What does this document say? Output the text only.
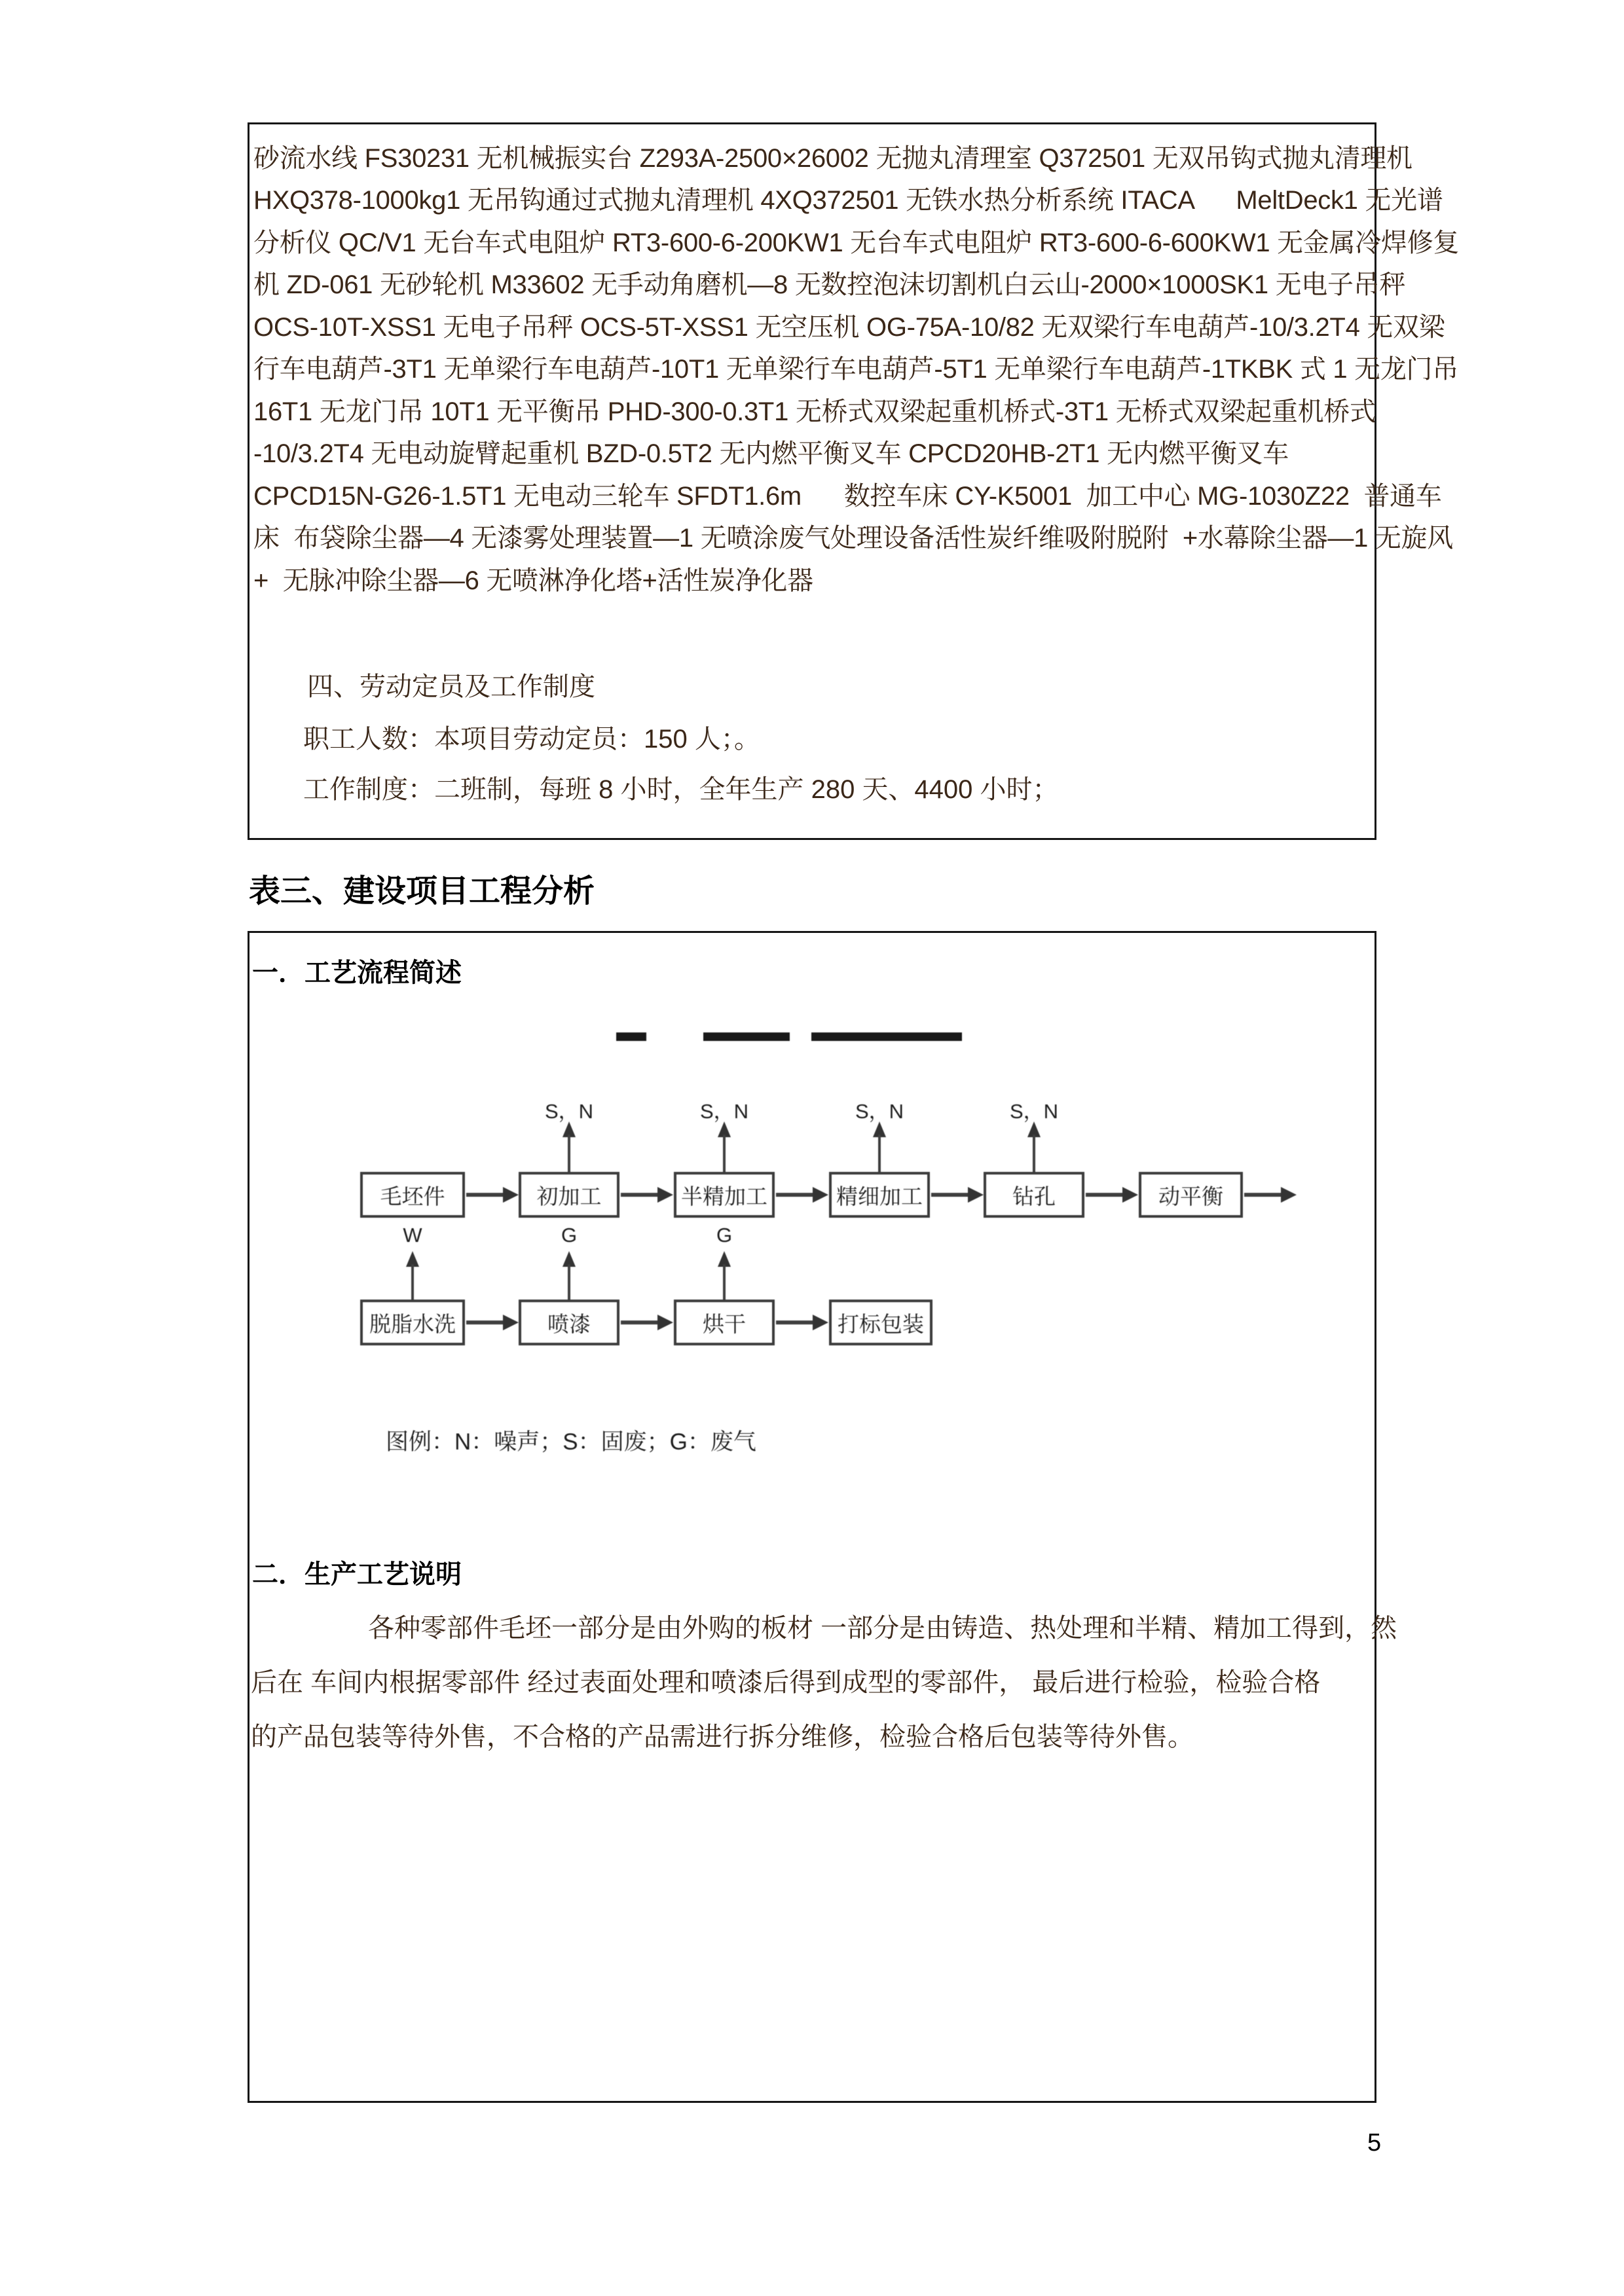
砂流水线 FS30231 无机械振实台 Z293A-2500×26002 无抛丸清理室 Q372501 无双吊钩式抛丸清理机
HXQ378-1000kg1 无吊钩通过式抛丸清理机 4XQ372501 无铁水热分析系统 ITACA      MeltDeck1 无光谱
分析仪 QC/V1 无台车式电阻炉 RT3-600-6-200KW1 无台车式电阻炉 RT3-600-6-600KW1 无金属冷焊修复
机 ZD-061 无砂轮机 M33602 无手动角磨机—8 无数控泡沫切割机白云山-2000×1000SK1 无电子吊秤
OCS-10T-XSS1 无电子吊秤 OCS-5T-XSS1 无空压机 OG-75A-10/82 无双梁行车电葫芦-10/3.2T4 无双梁
行车电葫芦-3T1 无单梁行车电葫芦-10T1 无单梁行车电葫芦-5T1 无单梁行车电葫芦-1TKBK 式 1 无龙门吊
16T1 无龙门吊 10T1 无平衡吊 PHD-300-0.3T1 无桥式双梁起重机桥式-3T1 无桥式双梁起重机桥式
-10/3.2T4 无电动旋臂起重机 BZD-0.5T2 无内燃平衡叉车 CPCD20HB-2T1 无内燃平衡叉车
CPCD15N-G26-1.5T1 无电动三轮车 SFDT1.6m      数控车床 CY-K5001  加工中心 MG-1030Z22  普通车
床  布袋除尘器—4 无漆雾处理装置—1 无喷涂废气处理设备活性炭纤维吸附脱附  +水幕除尘器—1 无旋风
+  无脉冲除尘器—6 无喷淋净化塔+活性炭净化器
四、劳动定员及工作制度
职工人数：本项目劳动定员：150 人；。
工作制度：二班制，每班 8 小时，全年生产 280 天、4400 小时；
表三、建设项目工程分析
一．工艺流程简述
S，N	S，N	S，N	S，N
毛坯件	初加工	半精加工	精细加工	钻孔	动平衡
W	G	G
脱脂水洗	喷漆	烘干	打标包装
图例：N：噪声；S：固废；G：废气
二．生产工艺说明
各种零部件毛坯一部分是由外购的板材 一部分是由铸造、热处理和半精、精加工得到，然
后在 车间内根据零部件 经过表面处理和喷漆后得到成型的零部件， 最后进行检验，检验合格
的产品包装等待外售，不合格的产品需进行拆分维修，检验合格后包装等待外售。
5
